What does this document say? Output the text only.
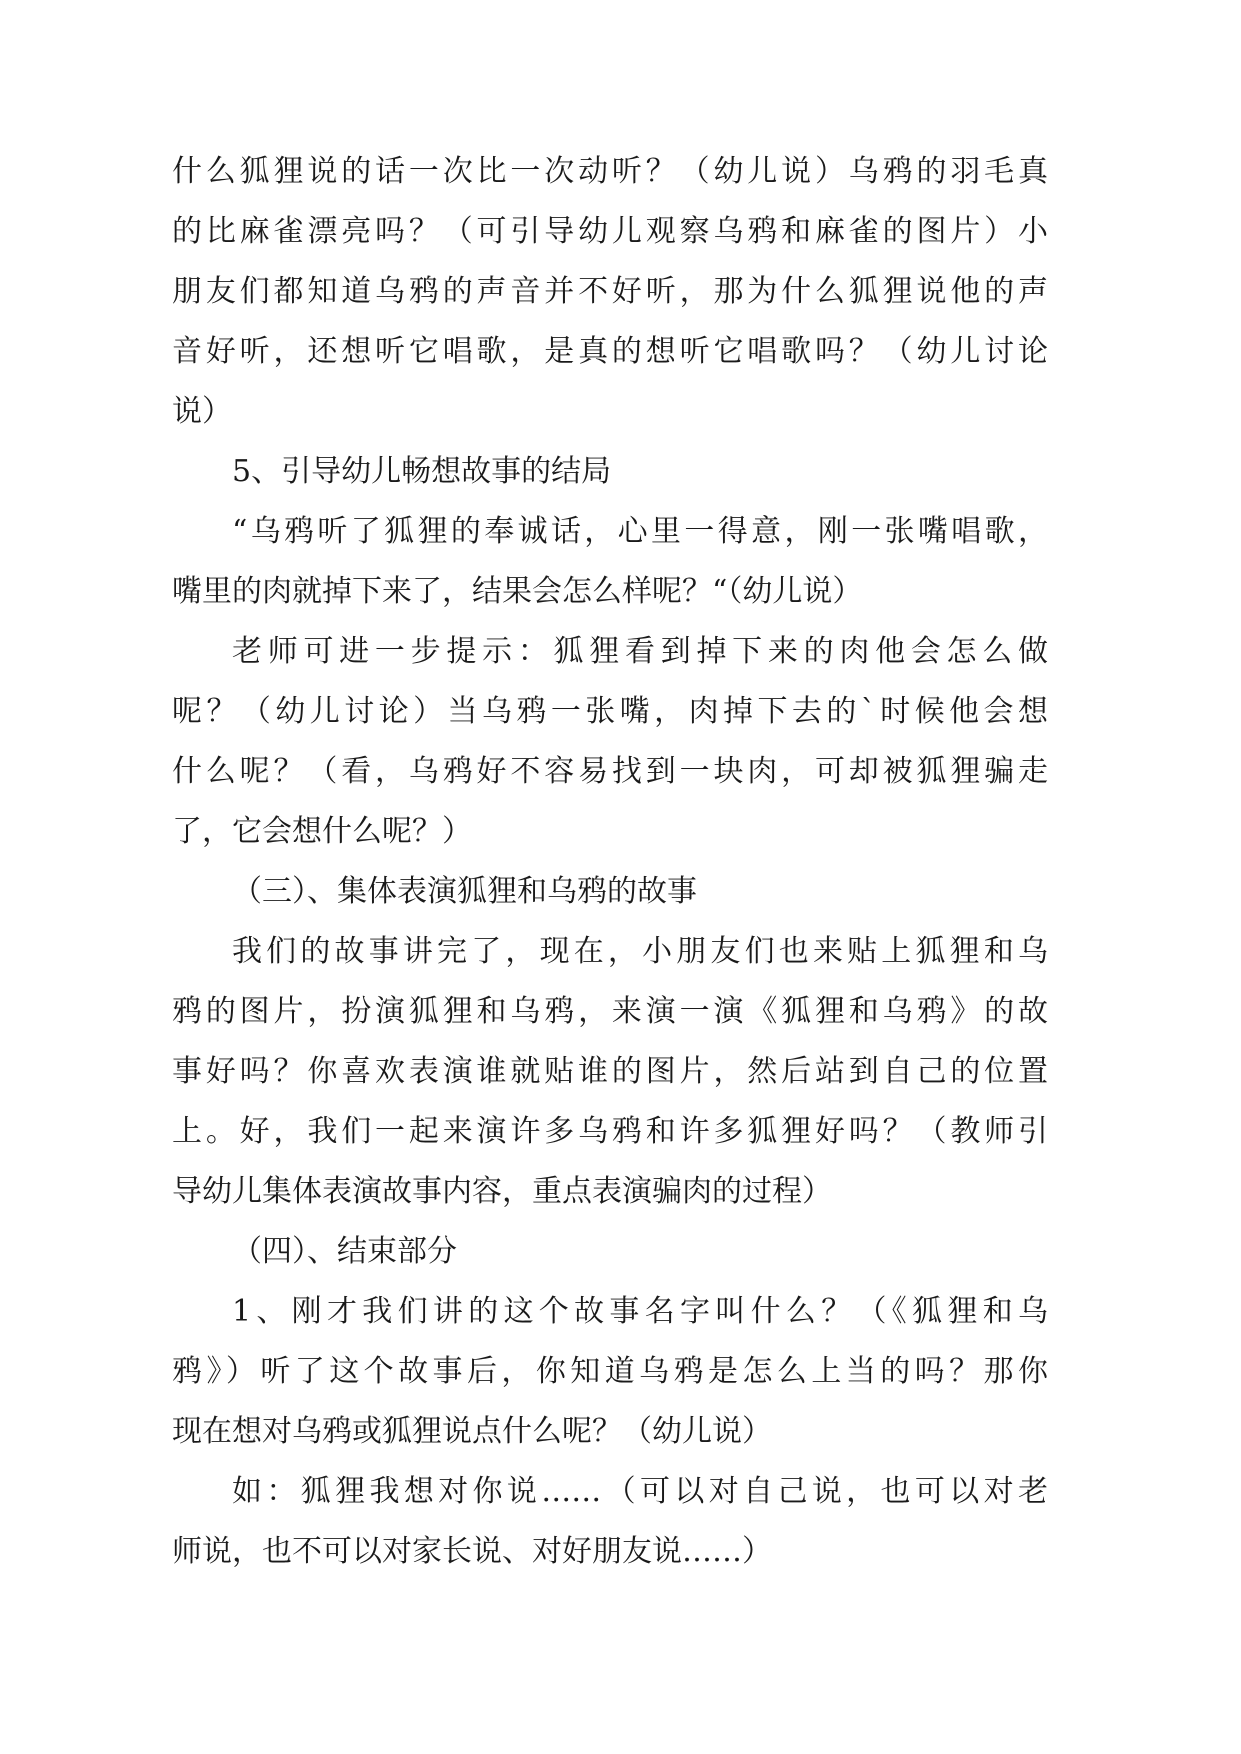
什么狐狸说的话一次比一次动听？（幼儿说）乌鸦的羽毛真
的比麻雀漂亮吗？（可引导幼儿观察乌鸦和麻雀的图片）小
朋友们都知道乌鸦的声音并不好听，那为什么狐狸说他的声
音好听，还想听它唱歌，是真的想听它唱歌吗？（幼儿讨论
说）
5、引导幼儿畅想故事的结局
“乌鸦听了狐狸的奉诚话，心里一得意，刚一张嘴唱歌，
嘴里的肉就掉下来了，结果会怎么样呢？“（幼儿说）
老师可进一步提示：狐狸看到掉下来的肉他会怎么做
呢？（幼儿讨论）当乌鸦一张嘴，肉掉下去的`时候他会想
什么呢？（看，乌鸦好不容易找到一块肉，可却被狐狸骗走
了，它会想什么呢？）
（三）、集体表演狐狸和乌鸦的故事
我们的故事讲完了，现在，小朋友们也来贴上狐狸和乌
鸦的图片，扮演狐狸和乌鸦，来演一演《狐狸和乌鸦》的故
事好吗？你喜欢表演谁就贴谁的图片，然后站到自己的位置
上。好，我们一起来演许多乌鸦和许多狐狸好吗？（教师引
导幼儿集体表演故事内容，重点表演骗肉的过程）
（四）、结束部分
1、刚才我们讲的这个故事名字叫什么？（《狐狸和乌
鸦》）听了这个故事后，你知道乌鸦是怎么上当的吗？那你
现在想对乌鸦或狐狸说点什么呢？（幼儿说）
如：狐狸我想对你说……（可以对自己说，也可以对老
师说，也不可以对家长说、对好朋友说……）
